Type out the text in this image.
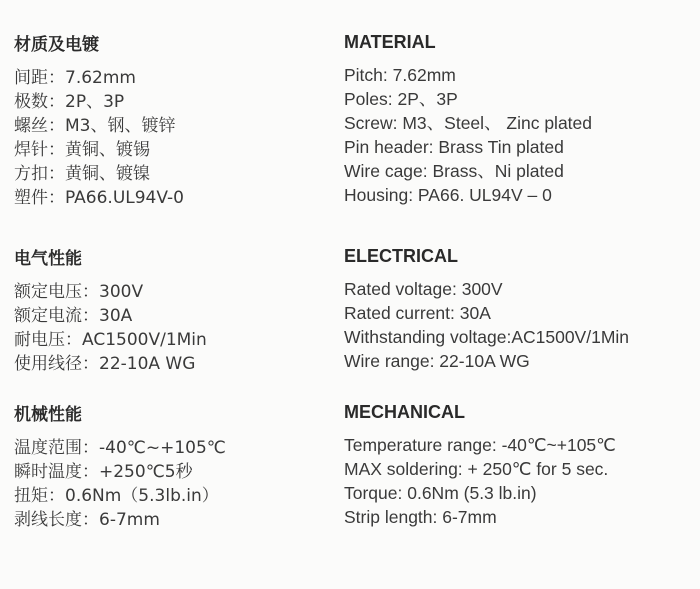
材质及电镀
间距：7.62mm
极数：2P、3P
螺丝：M3、钢、镀锌
焊针：黄铜、镀锡
方扣：黄铜、镀镍
塑件：PA66.UL94V-0
电气性能
额定电压：300V
额定电流：30A
耐电压：AC1500V/1Min
使用线径：22-10A WG
机械性能
温度范围：-40℃~+105℃
瞬时温度：+250℃5秒
扭矩：0.6Nm（5.3lb.in）
剥线长度：6-7mm
MATERIAL
Pitch: 7.62mm
Poles: 2P、3P
Screw: M3、Steel、 Zinc plated
Pin header: Brass Tin plated
Wire cage: Brass、Ni plated
Housing: PA66. UL94V – 0
ELECTRICAL
Rated voltage: 300V
Rated current: 30A
Withstanding voltage:AC1500V/1Min
Wire range: 22-10A WG
MECHANICAL
Temperature range: -40℃~+105℃
MAX soldering: + 250℃ for 5 sec.
Torque: 0.6Nm (5.3 lb.in)
Strip length: 6-7mm
